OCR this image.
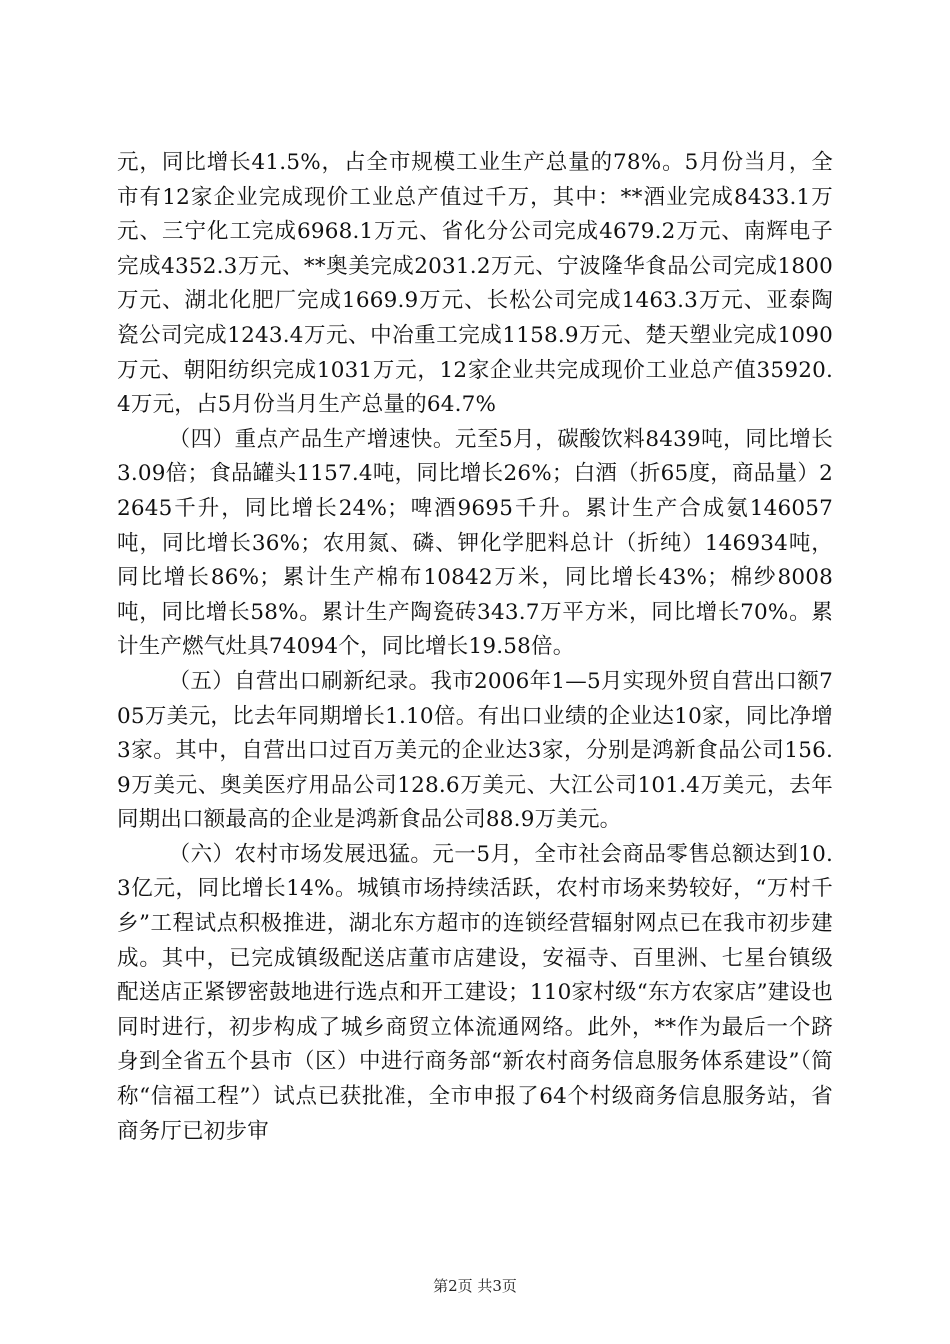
元，同比增长41.5%，占全市规模工业生产总量的78%。5月份当月，全市有12家企业完成现价工业总产值过千万，其中：**酒业完成8433.1万元、三宁化工完成6968.1万元、省化分公司完成4679.2万元、南辉电子完成4352.3万元、**奥美完成2031.2万元、宁波隆华食品公司完成1800万元、湖北化肥厂完成1669.9万元、长松公司完成1463.3万元、亚泰陶瓷公司完成1243.4万元、中冶重工完成1158.9万元、楚天塑业完成1090万元、朝阳纺织完成1031万元，12家企业共完成现价工业总产值35920.4万元，占5月份当月生产总量的64.7%

（四）重点产品生产增速快。元至5月，碳酸饮料8439吨，同比增长3.09倍；食品罐头1157.4吨，同比增长26%；白酒（折65度，商品量）22645千升，同比增长24%；啤酒9695千升。累计生产合成氨146057吨，同比增长36%；农用氮、磷、钾化学肥料总计（折纯）146934吨，同比增长86%；累计生产棉布10842万米，同比增长43%；棉纱8008吨，同比增长58%。累计生产陶瓷砖343.7万平方米，同比增长70%。累计生产燃气灶具74094个，同比增长19.58倍。

（五）自营出口刷新纪录。我市2006年1—5月实现外贸自营出口额705万美元，比去年同期增长1.10倍。有出口业绩的企业达10家，同比净增3家。其中，自营出口过百万美元的企业达3家，分别是鸿新食品公司156.9万美元、奥美医疗用品公司128.6万美元、大江公司101.4万美元，去年同期出口额最高的企业是鸿新食品公司88.9万美元。

（六）农村市场发展迅猛。元一5月，全市社会商品零售总额达到10.3亿元，同比增长14%。城镇市场持续活跃，农村市场来势较好，“万村千乡”工程试点积极推进，湖北东方超市的连锁经营辐射网点已在我市初步建成。其中，已完成镇级配送店董市店建设，安福寺、百里洲、七星台镇级配送店正紧锣密鼓地进行选点和开工建设；110家村级“东方农家店”建设也同时进行，初步构成了城乡商贸立体流通网络。此外，**作为最后一个跻身到全省五个县市（区）中进行商务部“新农村商务信息服务体系建设”（简称“信福工程”）试点已获批准，全市申报了64个村级商务信息服务站，省商务厅已初步审

第2页 共3页
